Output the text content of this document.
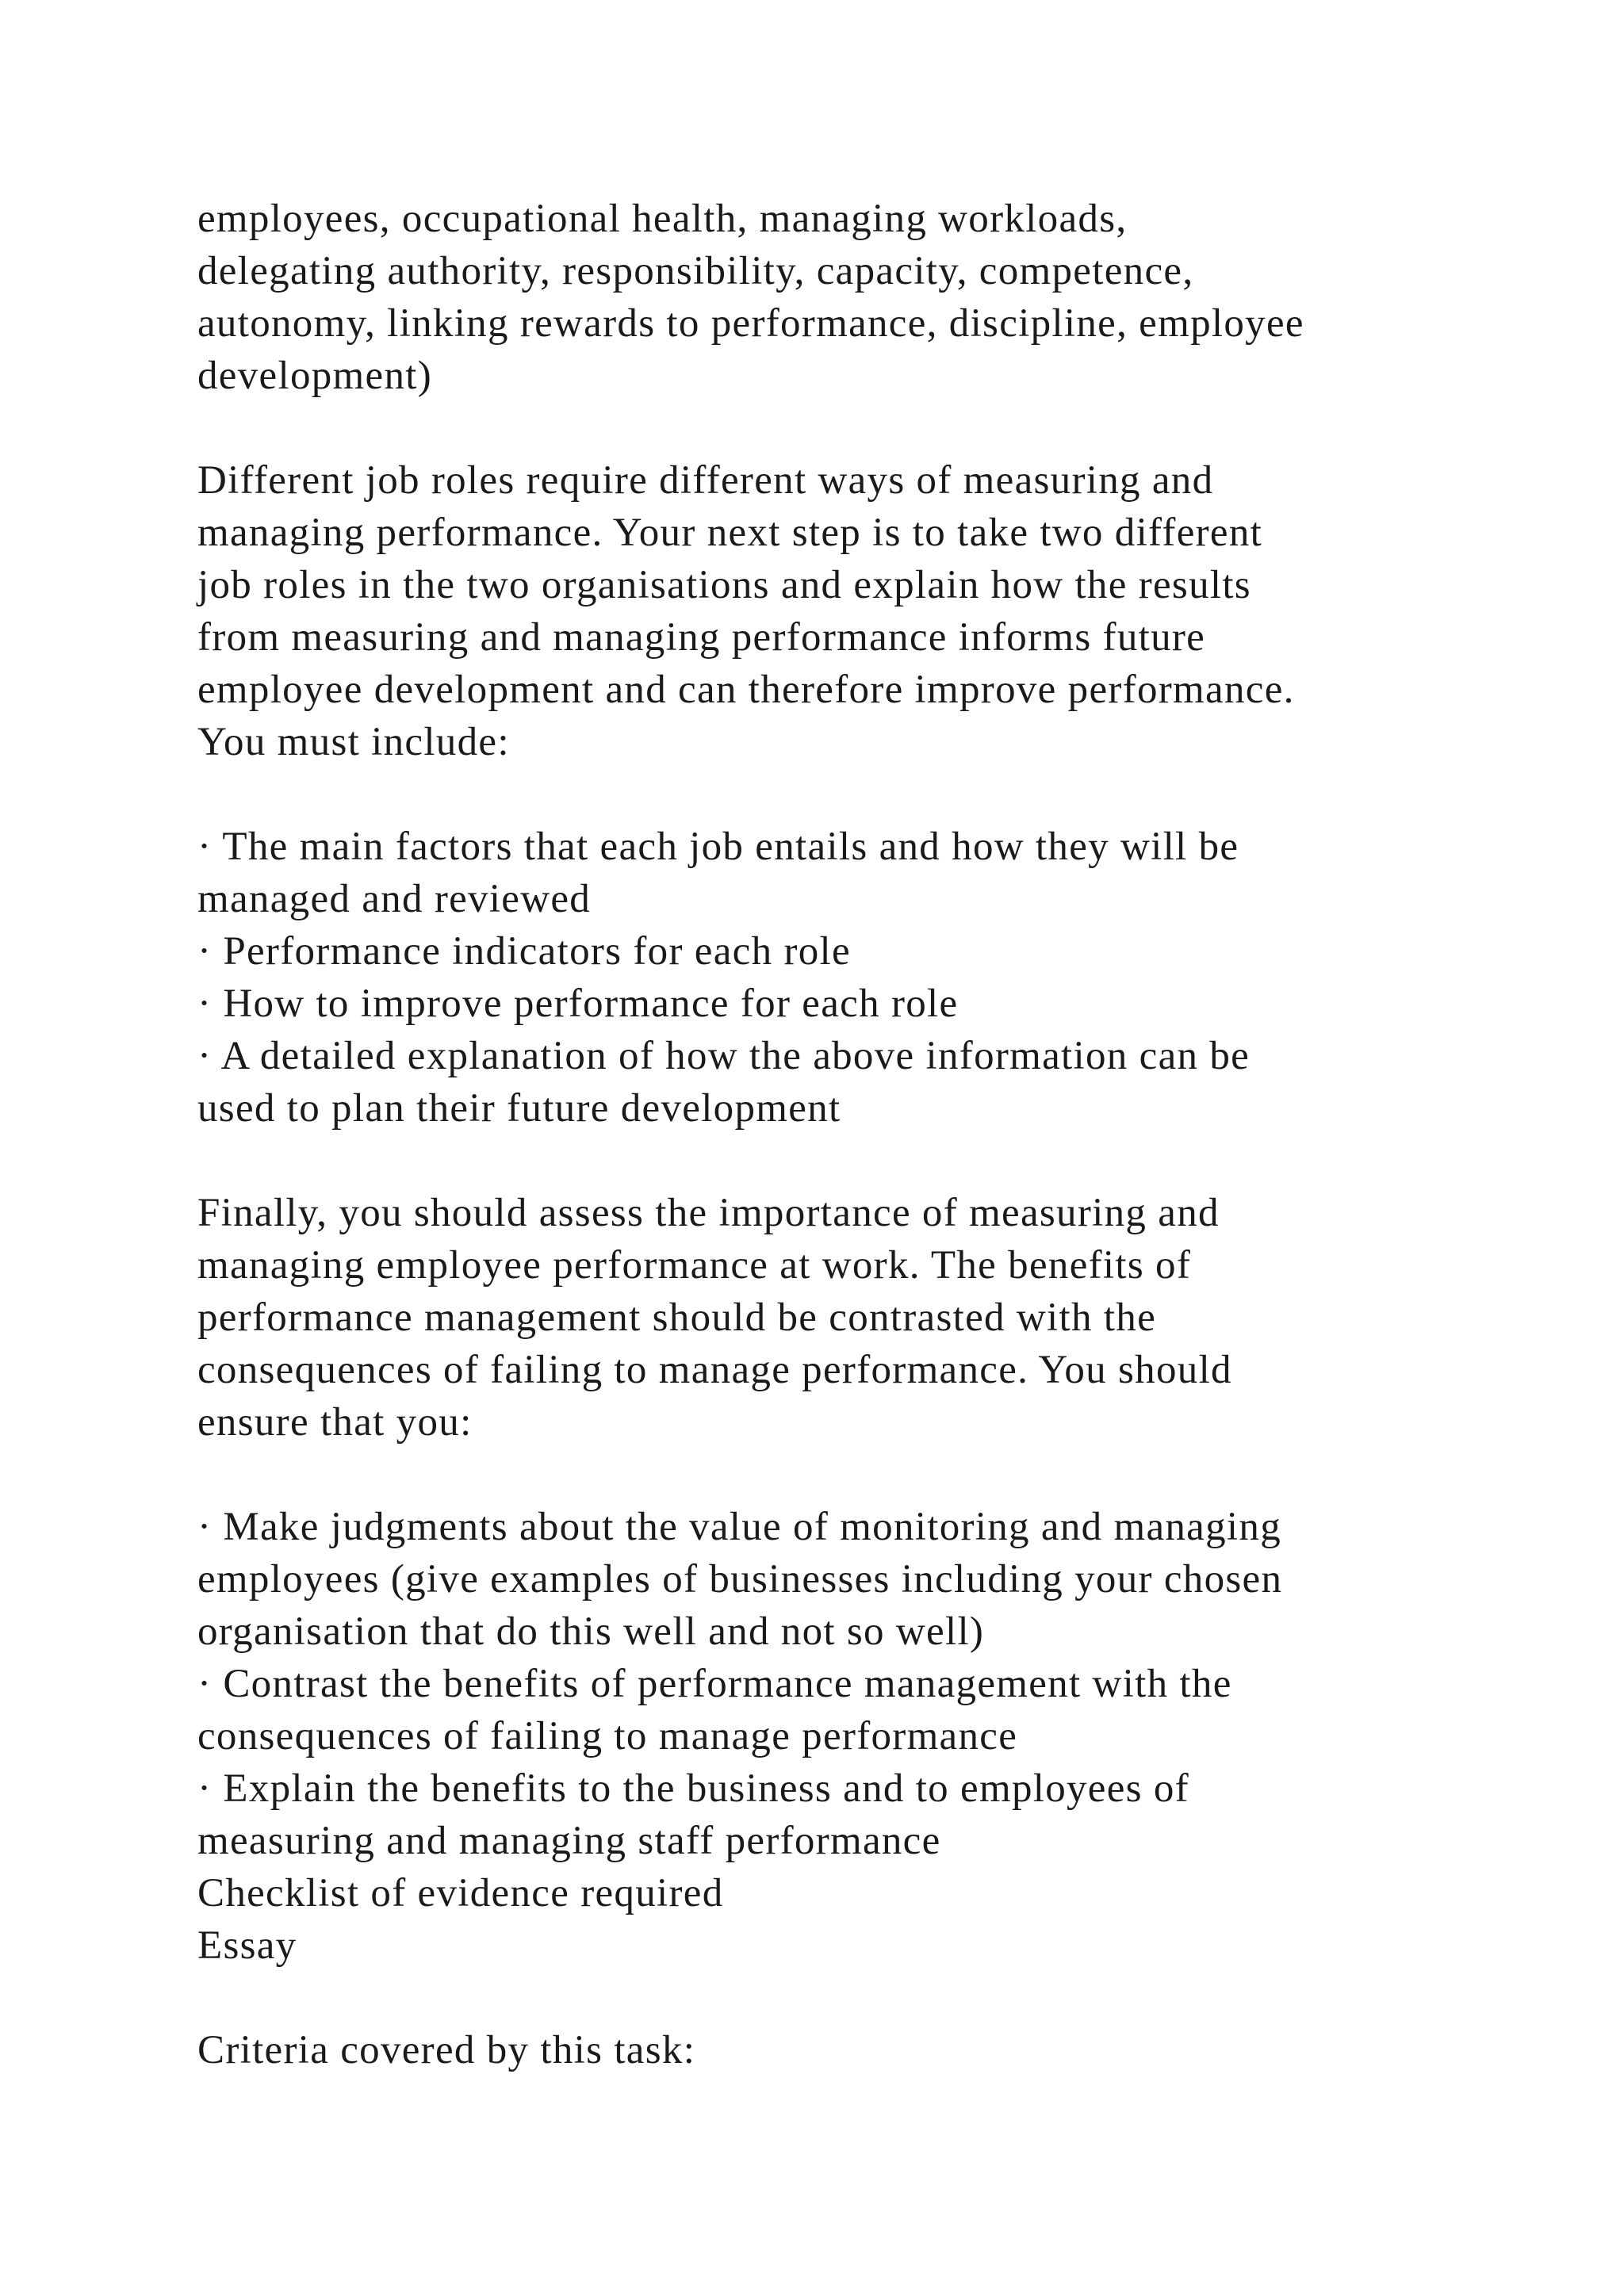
employees, occupational health, managing workloads,
delegating authority, responsibility, capacity, competence,
autonomy, linking rewards to performance, discipline, employee
development)
Different job roles require different ways of measuring and
managing performance. Your next step is to take two different
job roles in the two organisations and explain how the results
from measuring and managing performance informs future
employee development and can therefore improve performance.
You must include:
· The main factors that each job entails and how they will be
managed and reviewed
· Performance indicators for each role
· How to improve performance for each role
· A detailed explanation of how the above information can be
used to plan their future development
Finally, you should assess the importance of measuring and
managing employee performance at work. The benefits of
performance management should be contrasted with the
consequences of failing to manage performance. You should
ensure that you:
· Make judgments about the value of monitoring and managing
employees (give examples of businesses including your chosen
organisation that do this well and not so well)
· Contrast the benefits of performance management with the
consequences of failing to manage performance
· Explain the benefits to the business and to employees of
measuring and managing staff performance
Checklist of evidence required
Essay
Criteria covered by this task:
